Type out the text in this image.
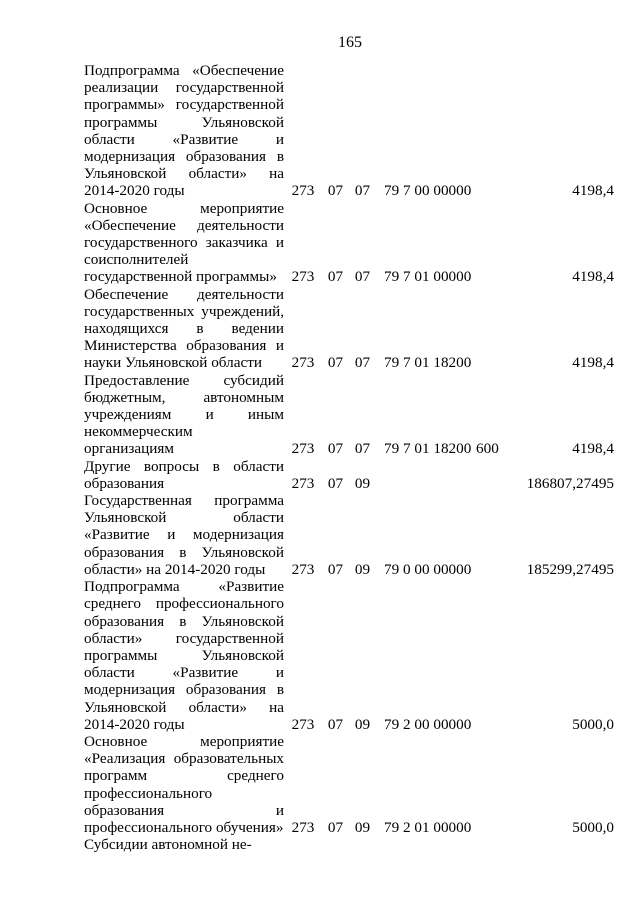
165
Подпрограмма «Обеспечение реализации государственной программы» государственной программы Ульяновской области «Развитие и модернизация образования в Ульяновской области» на 2014-2020 годы	273	07	07	79 7 00 00000		4198,4
Основное мероприятие «Обеспечение деятельности государственного заказчика и соисполнителей государственной программы»	273	07	07	79 7 01 00000		4198,4
Обеспечение деятельности государственных учреждений, находящихся в ведении Министерства образования и науки Ульяновской области	273	07	07	79 7 01 18200		4198,4
Предоставление субсидий бюджетным, автономным учреждениям и иным некоммерческим организациям	273	07	07	79 7 01 18200	600	4198,4
Другие вопросы в области образования	273	07	09			186807,27495
Государственная программа Ульяновской области «Развитие и модернизация образования в Ульяновской области» на 2014-2020 годы	273	07	09	79 0 00 00000		185299,27495
Подпрограмма «Развитие среднего профессионального образования в Ульяновской области» государственной программы Ульяновской области «Развитие и модернизация образования в Ульяновской области» на 2014-2020 годы	273	07	09	79 2 00 00000		5000,0
Основное мероприятие «Реализация образовательных программ среднего профессионального образования и профессионального обучения»	273	07	09	79 2 01 00000		5000,0
Субсидии автономной не-						
